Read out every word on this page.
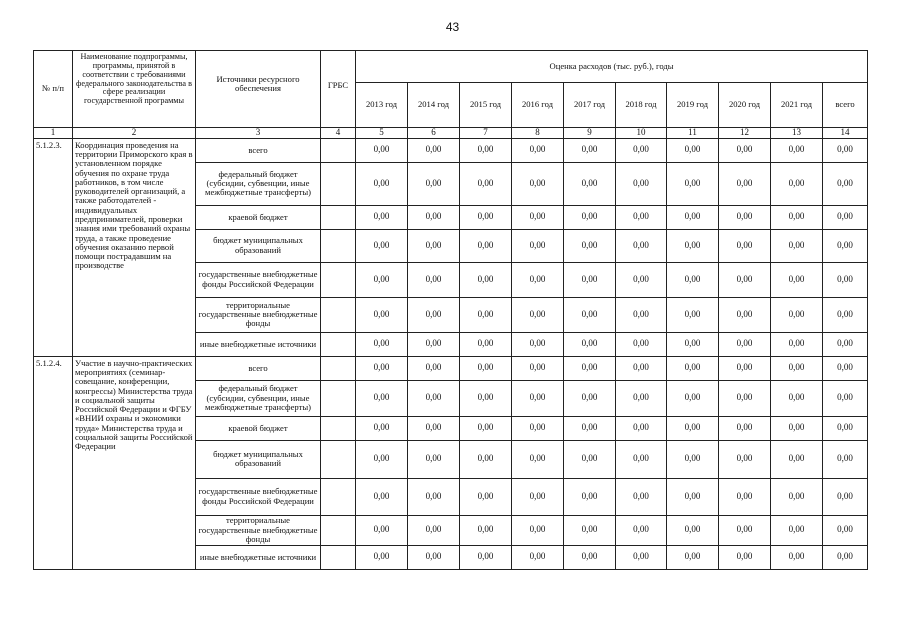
43
№ п/п	Наименование подпрограммы, программы, принятой в соответствии с требованиями федерального законодательства в сфере реализации государственной программы	Источники ресурсного обеспечения	ГРБС	Оценка расходов (тыс. руб.), годы									
				2013 год	2014 год	2015 год	2016 год	2017 год	2018 год	2019 год	2020 год	2021 год	всего
1	2	3	4	5	6	7	8	9	10	11	12	13	14
5.1.2.3.	Координация проведения на территории Приморского края в установленном порядке обучения по охране труда работников, в том числе руководителей организаций, а также работодателей - индивидуальных предпринимателей, проверки знания ими требований охраны труда, а также проведение обучения оказанию первой помощи пострадавшим на производстве	всего		0,00	0,00	0,00	0,00	0,00	0,00	0,00	0,00	0,00	0,00
		федеральный бюджет (субсидии, субвенции, иные межбюджетные трансферты)		0,00	0,00	0,00	0,00	0,00	0,00	0,00	0,00	0,00	0,00
		краевой бюджет		0,00	0,00	0,00	0,00	0,00	0,00	0,00	0,00	0,00	0,00
		бюджет муниципальных образований		0,00	0,00	0,00	0,00	0,00	0,00	0,00	0,00	0,00	0,00
		государственные внебюджетные фонды Российской Федерации		0,00	0,00	0,00	0,00	0,00	0,00	0,00	0,00	0,00	0,00
		территориальные государственные внебюджетные фонды		0,00	0,00	0,00	0,00	0,00	0,00	0,00	0,00	0,00	0,00
		иные внебюджетные источники		0,00	0,00	0,00	0,00	0,00	0,00	0,00	0,00	0,00	0,00
5.1.2.4.	Участие в научно-практических мероприятиях (семинар-совещание, конференции, конгрессы) Министерства труда и социальной защиты Российской Федерации и ФГБУ «ВНИИ охраны и экономики труда» Министерства труда и социальной защиты Российской Федерации	всего		0,00	0,00	0,00	0,00	0,00	0,00	0,00	0,00	0,00	0,00
		федеральный бюджет (субсидии, субвенции, иные межбюджетные трансферты)		0,00	0,00	0,00	0,00	0,00	0,00	0,00	0,00	0,00	0,00
		краевой бюджет		0,00	0,00	0,00	0,00	0,00	0,00	0,00	0,00	0,00	0,00
		бюджет муниципальных образований		0,00	0,00	0,00	0,00	0,00	0,00	0,00	0,00	0,00	0,00
		государственные внебюджетные фонды Российской Федерации		0,00	0,00	0,00	0,00	0,00	0,00	0,00	0,00	0,00	0,00
		территориальные государственные внебюджетные фонды		0,00	0,00	0,00	0,00	0,00	0,00	0,00	0,00	0,00	0,00
		иные внебюджетные источники		0,00	0,00	0,00	0,00	0,00	0,00	0,00	0,00	0,00	0,00
